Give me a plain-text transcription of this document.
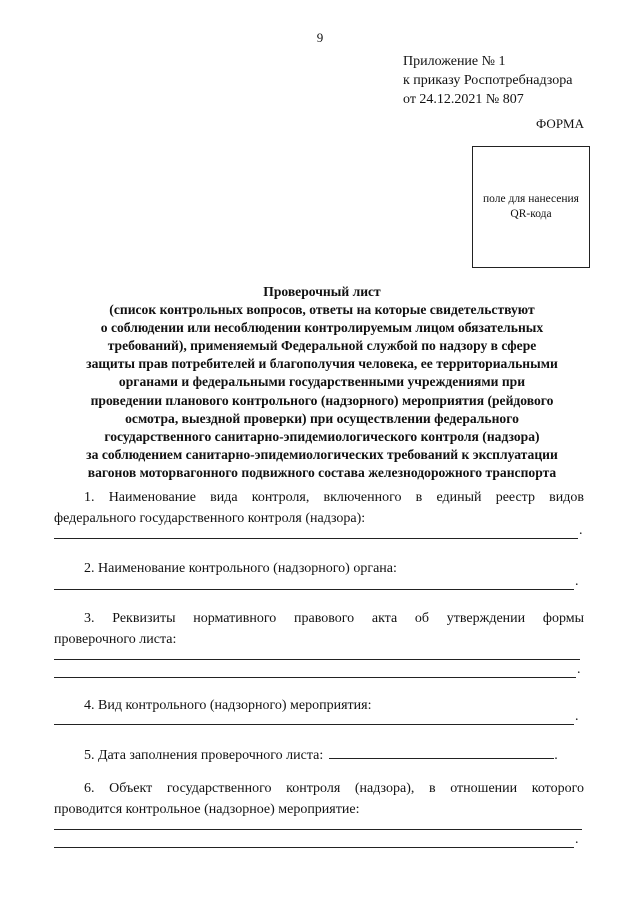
9
Приложение № 1
к приказу Роспотребнадзора
от 24.12.2021 № 807
ФОРМА
поле для нанесения
QR-кода
Проверочный лист
(список контрольных вопросов, ответы на которые свидетельствуют
о соблюдении или несоблюдении контролируемым лицом обязательных
требований), применяемый Федеральной службой по надзору в сфере
защиты прав потребителей и благополучия человека, ее территориальными
органами и федеральными государственными учреждениями при
проведении планового контрольного (надзорного) мероприятия (рейдового
осмотра, выездной проверки) при осуществлении федерального
государственного санитарно-эпидемиологического контроля (надзора)
за соблюдением санитарно-эпидемиологических требований к эксплуатации
вагонов моторвагонного подвижного состава железнодорожного транспорта
1. Наименование вида контроля, включенного в единый реестр видов
федерального государственного контроля (надзора):
.
2. Наименование контрольного (надзорного) органа:
.
3. Реквизиты нормативного правового акта об утверждении формы
проверочного листа:
.
4. Вид контрольного (надзорного) мероприятия:
.
5. Дата заполнения проверочного листа:	.
6. Объект государственного контроля (надзора), в отношении которого
проводится контрольное (надзорное) мероприятие:
.
